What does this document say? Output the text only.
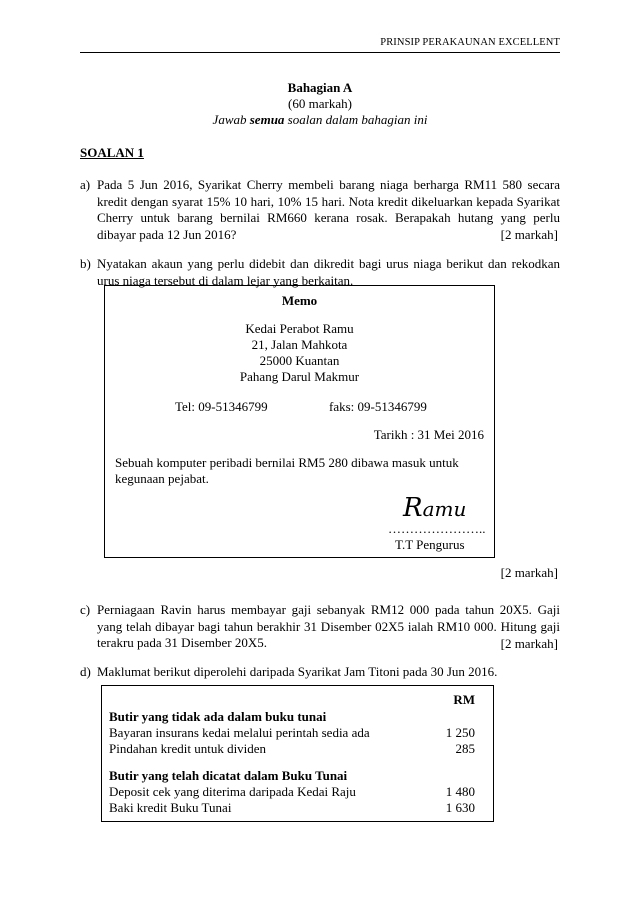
PRINSIP PERAKAUNAN EXCELLENT
Bahagian A
(60 markah)
Jawab semua soalan dalam bahagian ini
SOALAN 1
a) Pada 5 Jun 2016, Syarikat Cherry membeli barang niaga berharga RM11 580 secara kredit dengan syarat 15% 10 hari, 10% 15 hari. Nota kredit dikeluarkan kepada Syarikat Cherry untuk barang bernilai RM660 kerana rosak. Berapakah hutang yang perlu dibayar pada 12 Jun 2016?	[2 markah]
b) Nyatakan akaun yang perlu didebit dan dikredit bagi urus niaga berikut dan rekodkan urus niaga tersebut di dalam lejar yang berkaitan.
Memo
Kedai Perabot Ramu
21, Jalan Mahkota
25000 Kuantan
Pahang Darul Makmur
Tel: 09-51346799	faks: 09-51346799
Tarikh : 31 Mei 2016
Sebuah komputer peribadi bernilai RM5 280 dibawa masuk untuk
kegunaan pejabat.
Ramu
…………………..
T.T Pengurus
[2 markah]
c) Perniagaan Ravin harus membayar gaji sebanyak RM12 000 pada tahun 20X5. Gaji yang telah dibayar bagi tahun berakhir 31 Disember 02X5 ialah RM10 000. Hitung gaji terakru pada 31 Disember 20X5.	[2 markah]
d) Maklumat berikut diperolehi daripada Syarikat Jam Titoni pada 30 Jun 2016.
RM
Butir yang tidak ada dalam buku tunai
Bayaran insurans kedai melalui perintah sedia ada	1 250
Pindahan kredit untuk dividen	285
Butir yang telah dicatat dalam Buku Tunai
Deposit cek yang diterima daripada Kedai Raju	1 480
Baki kredit Buku Tunai	1 630
